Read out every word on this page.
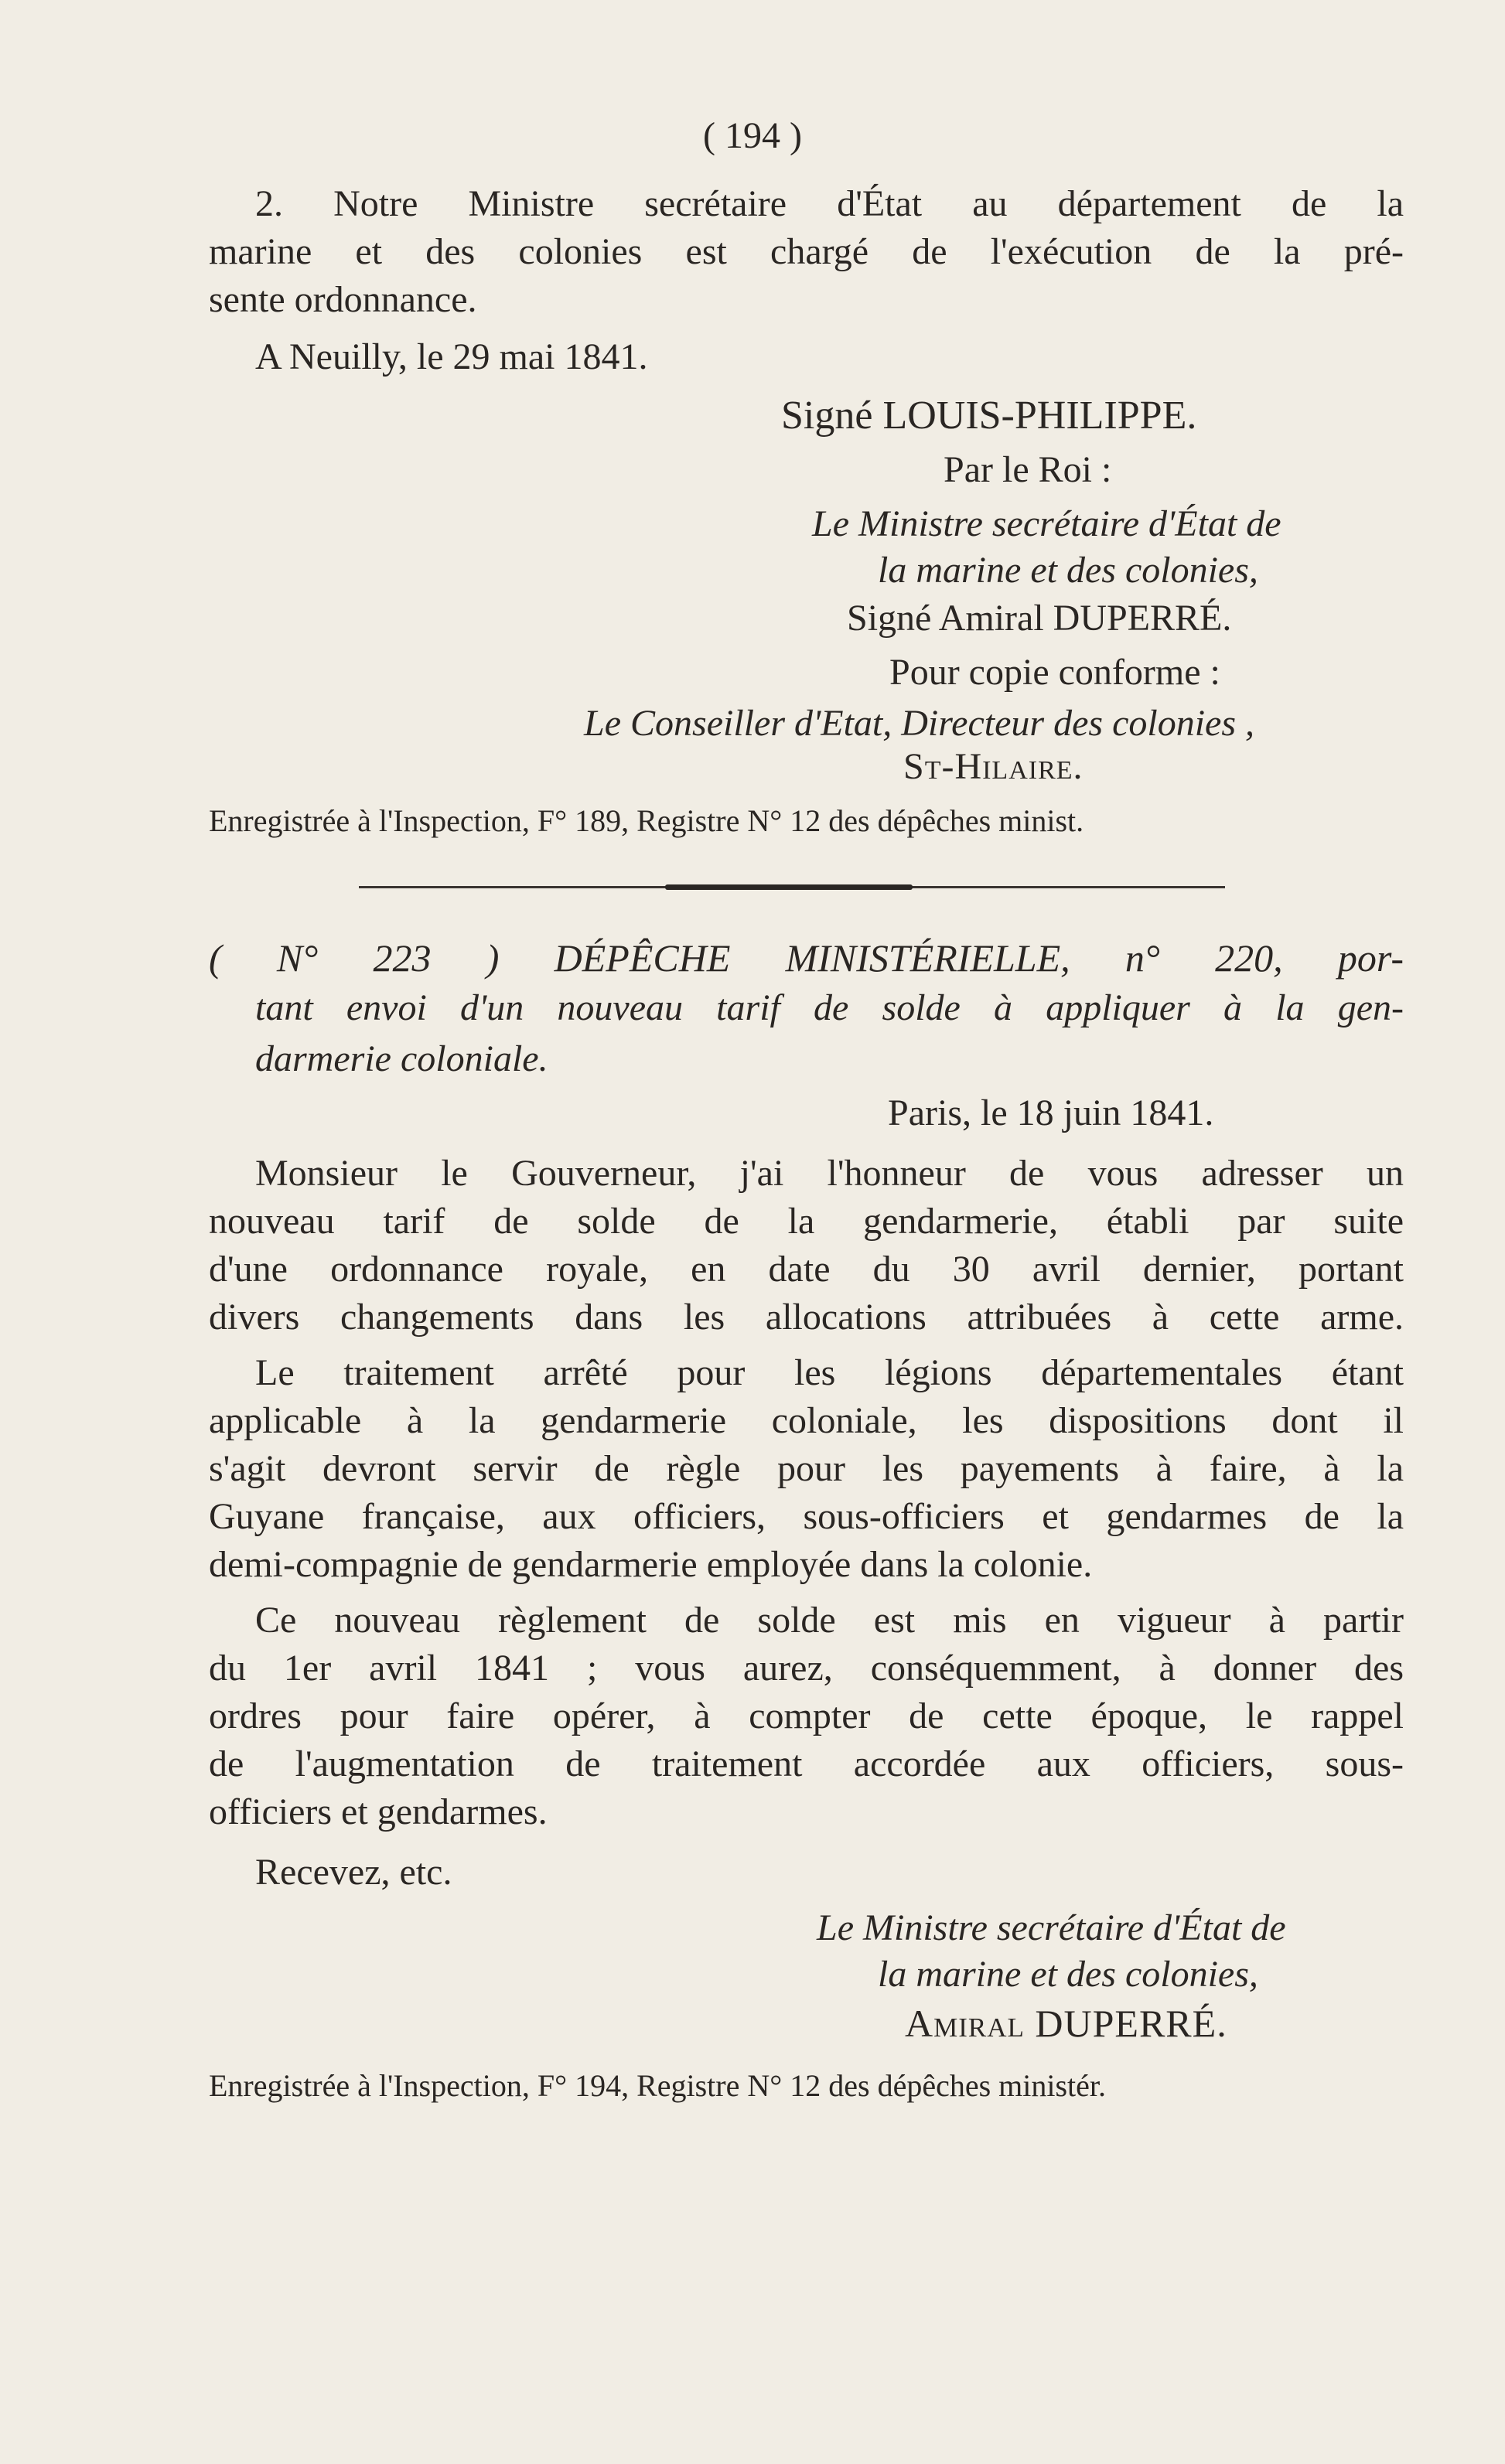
( 194 )
2. Notre Ministre secrétaire d'État au département de la
marine et des colonies est chargé de l'exécution de la pré-
sente ordonnance.
A Neuilly, le 29 mai 1841.
Signé LOUIS-PHILIPPE.
Par le Roi :
Le Ministre secrétaire d'État de
la marine et des colonies,
Signé Amiral DUPERRÉ.
Pour copie conforme :
Le Conseiller d'Etat, Directeur des colonies ,
St-Hilaire.
Enregistrée à l'Inspection, F° 189, Registre N° 12 des dépêches minist.
( N° 223 ) DÉPÊCHE MINISTÉRIELLE, n° 220, por-
tant envoi d'un nouveau tarif de solde à appliquer à la gen-
darmerie coloniale.
Paris, le 18 juin 1841.
Monsieur le Gouverneur, j'ai l'honneur de vous adresser un
nouveau tarif de solde de la gendarmerie, établi par suite
d'une ordonnance royale, en date du 30 avril dernier, portant
divers changements dans les allocations attribuées à cette arme.
Le traitement arrêté pour les légions départementales étant
applicable à la gendarmerie coloniale, les dispositions dont il
s'agit devront servir de règle pour les payements à faire, à la
Guyane française, aux officiers, sous-officiers et gendarmes de la
demi-compagnie de gendarmerie employée dans la colonie.
Ce nouveau règlement de solde est mis en vigueur à partir
du 1er avril 1841 ; vous aurez, conséquemment, à donner des
ordres pour faire opérer, à compter de cette époque, le rappel
de l'augmentation de traitement accordée aux officiers, sous-
officiers et gendarmes.
Recevez, etc.
Le Ministre secrétaire d'État de
la marine et des colonies,
Amiral DUPERRÉ.
Enregistrée à l'Inspection, F° 194, Registre N° 12 des dépêches ministér.
